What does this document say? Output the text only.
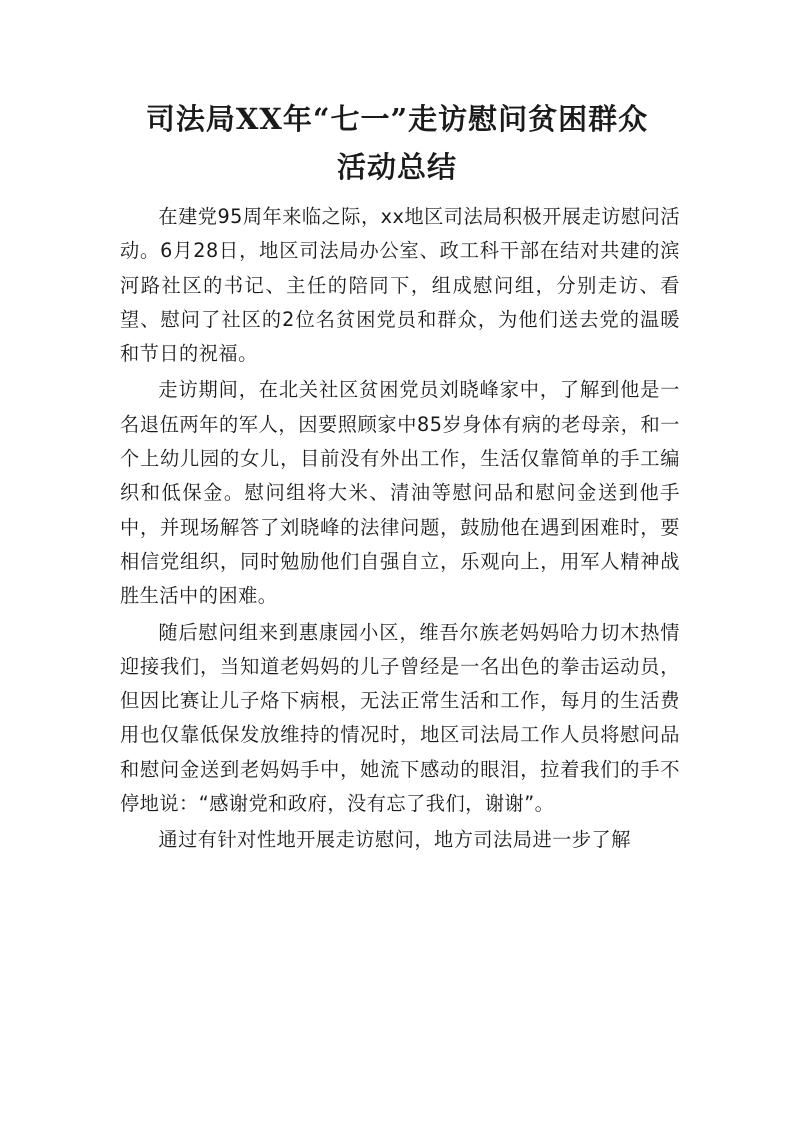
司法局XX年“七一”走访慰问贫困群众
活动总结

在建党95周年来临之际，xx地区司法局积极开展走访慰问活动。6月28日，地区司法局办公室、政工科干部在结对共建的滨河路社区的书记、主任的陪同下，组成慰问组，分别走访、看望、慰问了社区的2位名贫困党员和群众，为他们送去党的温暖和节日的祝福。

走访期间，在北关社区贫困党员刘晓峰家中，了解到他是一名退伍两年的军人，因要照顾家中85岁身体有病的老母亲，和一个上幼儿园的女儿，目前没有外出工作，生活仅靠简单的手工编织和低保金。慰问组将大米、清油等慰问品和慰问金送到他手中，并现场解答了刘晓峰的法律问题，鼓励他在遇到困难时，要相信党组织，同时勉励他们自强自立，乐观向上，用军人精神战胜生活中的困难。

随后慰问组来到惠康园小区，维吾尔族老妈妈哈力切木热情迎接我们，当知道老妈妈的儿子曾经是一名出色的拳击运动员，但因比赛让儿子烙下病根，无法正常生活和工作，每月的生活费用也仅靠低保发放维持的情况时，地区司法局工作人员将慰问品和慰问金送到老妈妈手中，她流下感动的眼泪，拉着我们的手不停地说：“感谢党和政府，没有忘了我们，谢谢”。

通过有针对性地开展走访慰问，地方司法局进一步了解
